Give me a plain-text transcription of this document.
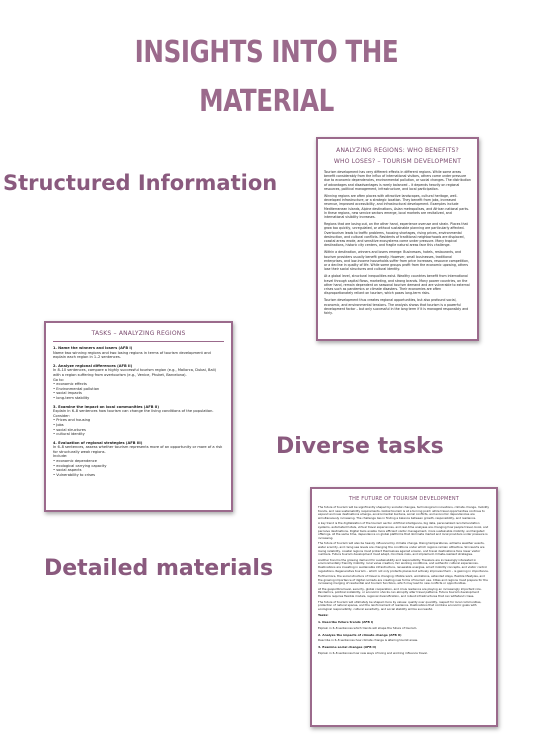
INSIGHTS INTO THE
MATERIAL
Structured Information
Diverse tasks
Detailed materials
ANALYZING REGIONS: WHO BENEFITS?
WHO LOSES? – TOURISM DEVELOPMENT
Tourism development has very different effects in different regions. While some areas benefit considerably from the influx of international visitors, others come under pressure due to economic dependencies, environmental pollution, or social changes. The distribution of advantages and disadvantages is rarely balanced – it depends heavily on regional resources, political management, infrastructure, and local participation.
Winning regions are often places with attractive landscapes, cultural heritage, well-developed infrastructure, or a strategic location. They benefit from jobs, increased revenue, improved accessibility, and infrastructural development. Examples include Mediterranean islands, Alpine destinations, Asian metropolises, and African national parks. In these regions, new service sectors emerge, local markets are revitalized, and international visibility increases.
Regions that are losing out, on the other hand, experience overuse and strain. Places that grow too quickly, unregulated, or without sustainable planning are particularly affected. Overtourism leads to traffic problems, housing shortages, rising prices, environmental destruction, and cultural conflicts. Residents of traditional neighborhoods are displaced, coastal areas erode, and sensitive ecosystems come under pressure. Many tropical destinations, historic city centers, and fragile natural areas face this challenge.
Within a destination, winners and losers emerge: Businesses, hotels, restaurants, and tourism providers usually benefit greatly. However, small businesses, traditional enterprises, and low-income households suffer from price increases, resource competition, or a decline in quality of life. While some groups profit from the economic upswing, others lose their social structures and cultural identity.
At a global level, structural inequalities exist. Wealthy countries benefit from international travel through capital flows, marketing, and strong brands. Many poorer countries, on the other hand, remain dependent on seasonal tourism demand and are vulnerable to external crises such as pandemics or climate disasters. Their economies are often disproportionately reliant on tourism, which poses long-term risks.
Tourism development thus creates regional opportunities, but also profound social, economic, and environmental tensions. The analysis shows that tourism is a powerful development factor – but only successful in the long term if it is managed responsibly and fairly.
TASKS – ANALYZING REGIONS
1. Name the winners and losers (AFB I)
Name two winning regions and two losing regions in terms of tourism development and explain each region in 1–2 sentences.
2. Analyze regional differences (AFB II)
In 8–10 sentences, compare a highly successful tourism region (e.g., Mallorca, Dubai, Bali) with a region suffering from overtourism (e.g., Venice, Phuket, Barcelona).
Go to:
• economic effects
• Environmental pollution
• social impacts
• long-term stability
3. Examine the impact on local communities (AFB II)
Explain in 6–8 sentences how tourism can change the living conditions of the population. Consider:
• Prices and housing
• Jobs
• social structures
• cultural identity
4. Evaluation of regional strategies (AFB III)
In 6–8 sentences, assess whether tourism represents more of an opportunity or more of a risk for structurally weak regions.
Include:
• economic dependence
• ecological carrying capacity
• social aspects
• Vulnerability to crises
THE FUTURE OF TOURISM DEVELOPMENT
The future of tourism will be significantly shaped by societal changes, technological innovations, climate change, mobility trends, and new sustainability requirements. Global tourism is at a turning point: while travel opportunities continue to expand and new destinations emerge, environmental burdens, social conflicts, and economic dependencies are simultaneously increasing. The challenge lies in finding a balance between growth, responsibility, and resilience.
A key trend is the digitalization of the tourism sector. Artificial intelligence, big data, personalized recommendation systems, automated hotels, virtual travel experiences, and real-time analyses are changing how people travel, book, and perceive destinations. Digital tools enable more efficient visitor management, more sustainable mobility, and targeted offerings. At the same time, dependence on global platforms that dominate market and local providers under pressure is increasing.
The future of tourism will also be heavily influenced by climate change. Rising temperatures, extreme weather events, water scarcity, and rising sea levels are changing the conditions under which regions remain attractive. Ski resorts are losing reliability, coastal regions must protect themselves against erosion, and travel destinations face lower visitor numbers. Future tourism development must adapt, minimize risks, and implement climate-resilient strategies.
Another trend is the growing demand for sustainability and responsibility. Travelers are increasingly interested in environmentally friendly mobility, local value creation, fair working conditions, and authentic cultural experiences. Destinations are investing in sustainable infrastructure, renewable energies, smart mobility concepts, and visitor control regulations. Regenerative tourism – which not only protects places but actively improves them – is gaining in importance.
Furthermore, the social structure of travel is changing: Mobile work, workations, extended stays, flexible lifestyles, and the growing importance of digital nomads are creating new forms of tourism use. Cities and regions must prepare for the increasing merging of residential and tourism functions, which may lead to new conflicts or opportunities.
At the geopolitical level, security, global cooperation, and crisis resilience are playing an increasingly important role. Pandemics, political instability, or economic shocks can abruptly alter travel patterns. Future tourism development therefore requires flexible models, regional diversification, and robust infrastructures that can withstand crises.
The future of tourism will ultimately be shaped more by values: quality over quantity, respect for local communities, protection of natural spaces, and the reinforcement of resilience. Destinations that combine economic goals with ecological responsibility, cultural sensitivity, and social stability will be successful.
Tasks:
1. Describe future trends (AFB I)
Explain in 6–8 sentences which trends will shape the future of tourism.
2. Analyze the impacts of climate change (AFB II)
Describe in 6–8 sentences how climate change is altering tourist areas.
3. Examine social changes (AFB II)
Explain in 6–8 sentences how new ways of living and working influence travel.
